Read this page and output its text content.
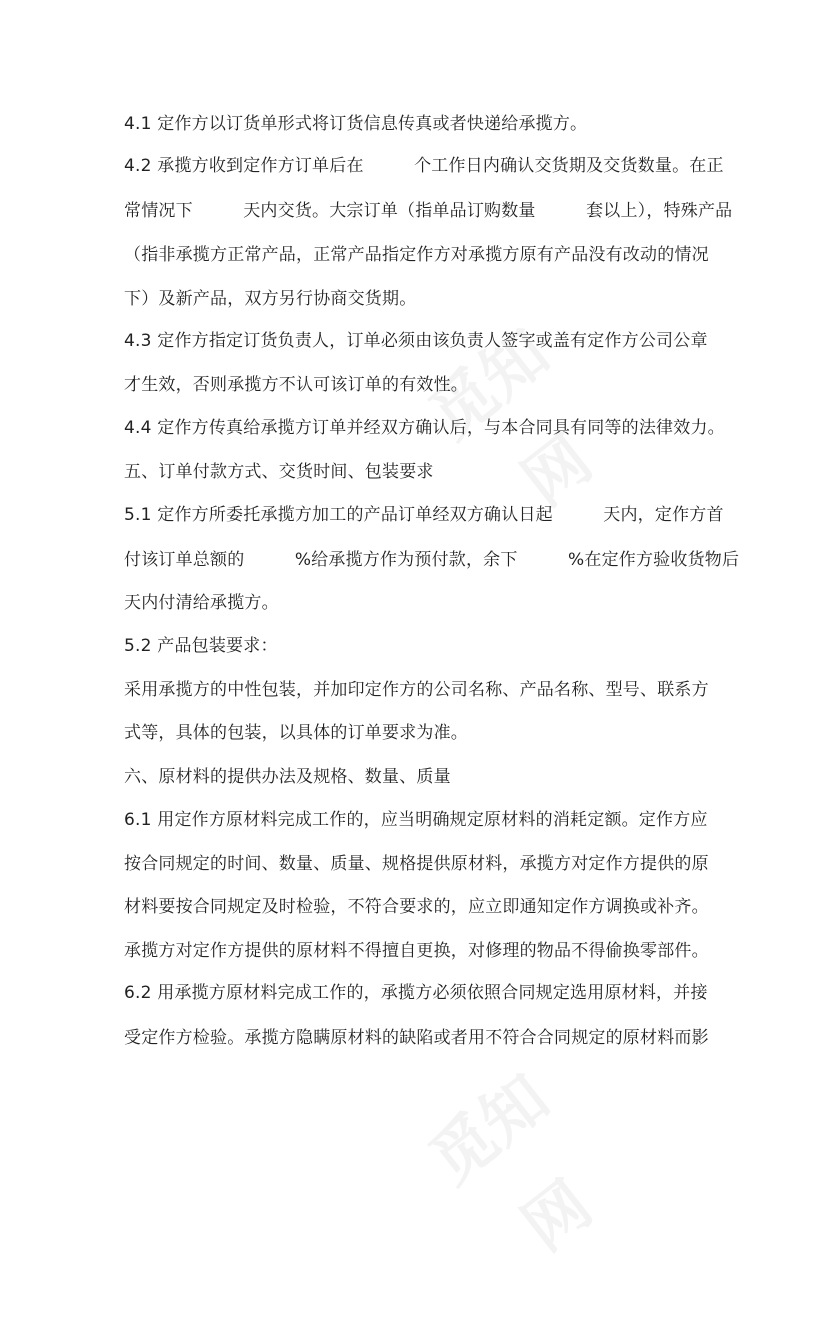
觅知网
觅知网
4.1 定作方以订货单形式将订货信息传真或者快递给承揽方。
4.2 承揽方收到定作方订单后在         个工作日内确认交货期及交货数量。在正
常情况下         天内交货。大宗订单（指单品订购数量         套以上），特殊产品
（指非承揽方正常产品，正常产品指定作方对承揽方原有产品没有改动的情况
下）及新产品，双方另行协商交货期。
4.3 定作方指定订货负责人，订单必须由该负责人签字或盖有定作方公司公章
才生效，否则承揽方不认可该订单的有效性。
4.4 定作方传真给承揽方订单并经双方确认后，与本合同具有同等的法律效力。
五、订单付款方式、交货时间、包装要求
5.1 定作方所委托承揽方加工的产品订单经双方确认日起         天内，定作方首
付该订单总额的         %给承揽方作为预付款，余下         %在定作方验收货物后
天内付清给承揽方。
5.2 产品包装要求：
采用承揽方的中性包装，并加印定作方的公司名称、产品名称、型号、联系方
式等，具体的包装，以具体的订单要求为准。
六、原材料的提供办法及规格、数量、质量
6.1 用定作方原材料完成工作的，应当明确规定原材料的消耗定额。定作方应
按合同规定的时间、数量、质量、规格提供原材料，承揽方对定作方提供的原
材料要按合同规定及时检验，不符合要求的，应立即通知定作方调换或补齐。
承揽方对定作方提供的原材料不得擅自更换，对修理的物品不得偷换零部件。
6.2 用承揽方原材料完成工作的，承揽方必须依照合同规定选用原材料，并接
受定作方检验。承揽方隐瞒原材料的缺陷或者用不符合合同规定的原材料而影
